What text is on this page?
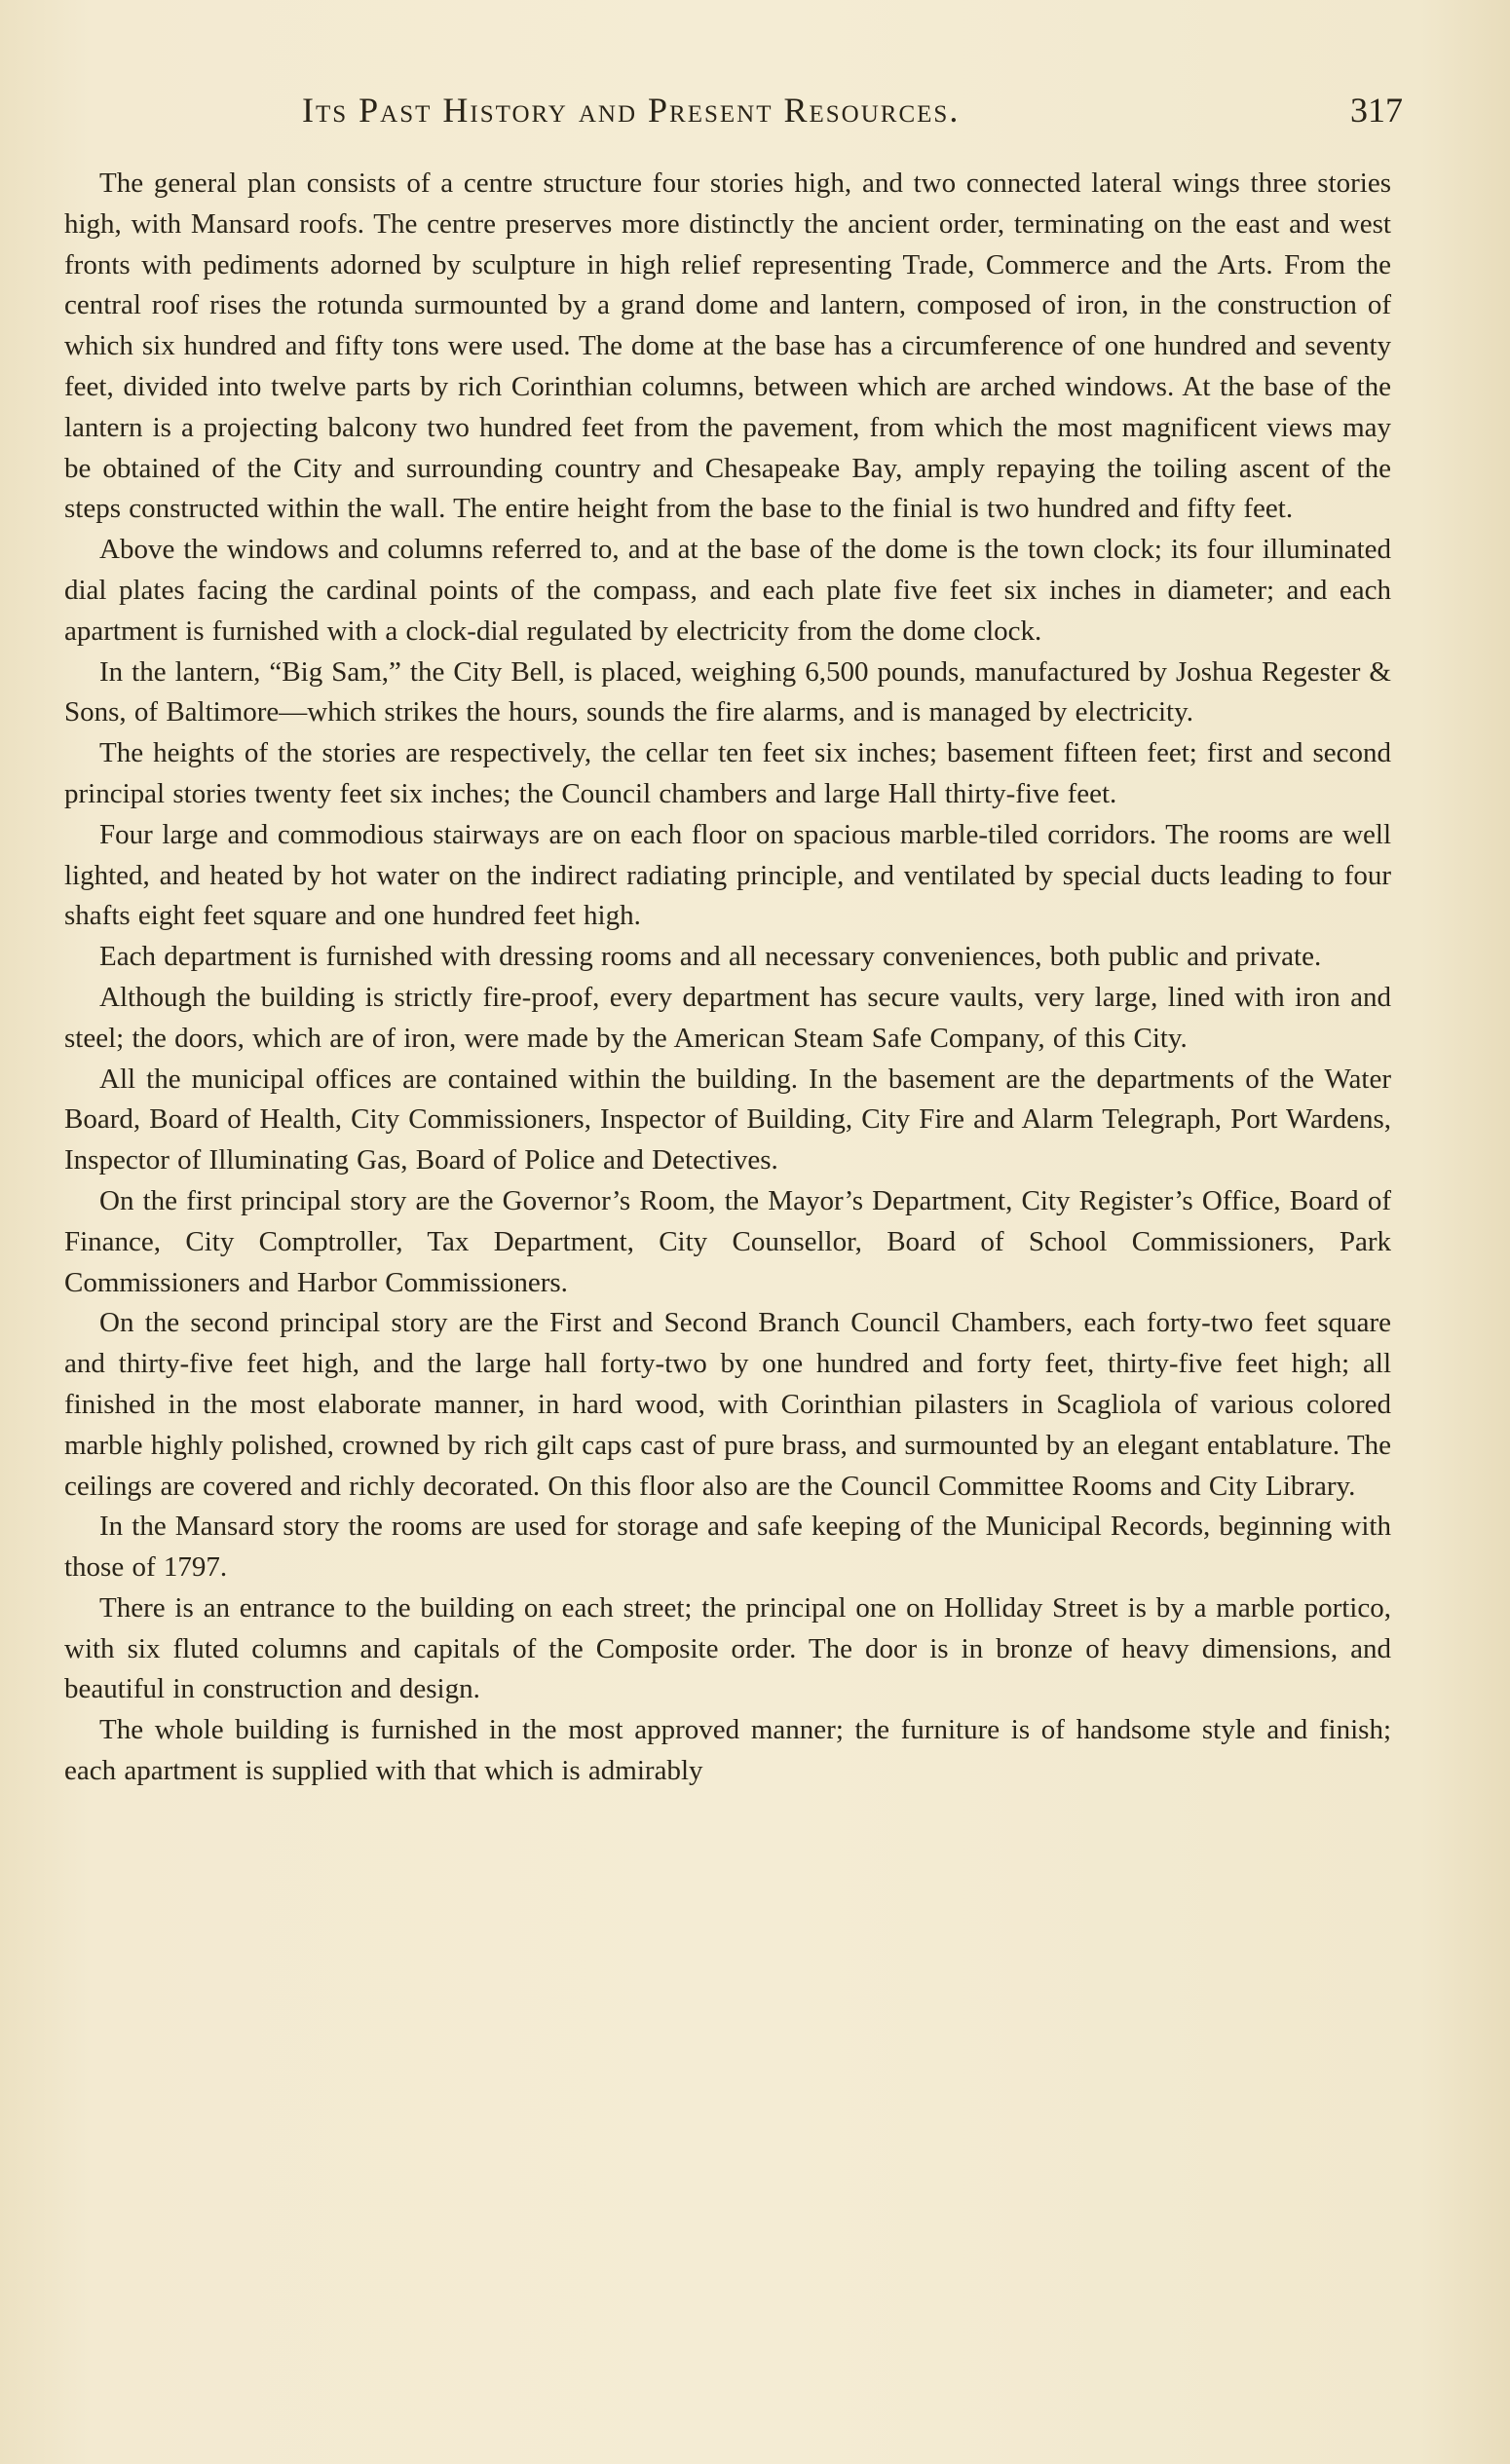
Its Past History and Present Resources.	317

The general plan consists of a centre structure four stories high, and two connected lateral wings three stories high, with Mansard roofs. The centre preserves more distinctly the ancient order, terminating on the east and west fronts with pediments adorned by sculpture in high relief representing Trade, Commerce and the Arts. From the central roof rises the rotunda surmounted by a grand dome and lantern, composed of iron, in the construction of which six hundred and fifty tons were used. The dome at the base has a circumference of one hundred and seventy feet, divided into twelve parts by rich Corinthian columns, between which are arched windows. At the base of the lantern is a projecting balcony two hundred feet from the pavement, from which the most magnificent views may be obtained of the City and surrounding country and Chesapeake Bay, amply repaying the toiling ascent of the steps constructed within the wall. The entire height from the base to the finial is two hundred and fifty feet.

Above the windows and columns referred to, and at the base of the dome is the town clock; its four illuminated dial plates facing the cardinal points of the compass, and each plate five feet six inches in diameter; and each apartment is furnished with a clock-dial regulated by electricity from the dome clock.

In the lantern, “Big Sam,” the City Bell, is placed, weighing 6,500 pounds, manufactured by Joshua Regester & Sons, of Baltimore—which strikes the hours, sounds the fire alarms, and is managed by electricity.

The heights of the stories are respectively, the cellar ten feet six inches; basement fifteen feet; first and second principal stories twenty feet six inches; the Council chambers and large Hall thirty-five feet.

Four large and commodious stairways are on each floor on spacious marble-tiled corridors. The rooms are well lighted, and heated by hot water on the indirect radiating principle, and ventilated by special ducts leading to four shafts eight feet square and one hundred feet high.

Each department is furnished with dressing rooms and all necessary conveniences, both public and private.

Although the building is strictly fire-proof, every department has secure vaults, very large, lined with iron and steel; the doors, which are of iron, were made by the American Steam Safe Company, of this City.

All the municipal offices are contained within the building. In the basement are the departments of the Water Board, Board of Health, City Commissioners, Inspector of Building, City Fire and Alarm Telegraph, Port Wardens, Inspector of Illuminating Gas, Board of Police and Detectives.

On the first principal story are the Governor’s Room, the Mayor’s Department, City Register’s Office, Board of Finance, City Comptroller, Tax Department, City Counsellor, Board of School Commissioners, Park Commissioners and Harbor Commissioners.

On the second principal story are the First and Second Branch Council Chambers, each forty-two feet square and thirty-five feet high, and the large hall forty-two by one hundred and forty feet, thirty-five feet high; all finished in the most elaborate manner, in hard wood, with Corinthian pilasters in Scagliola of various colored marble highly polished, crowned by rich gilt caps cast of pure brass, and surmounted by an elegant entablature. The ceilings are covered and richly decorated. On this floor also are the Council Committee Rooms and City Library.

In the Mansard story the rooms are used for storage and safe keeping of the Municipal Records, beginning with those of 1797.

There is an entrance to the building on each street; the principal one on Holliday Street is by a marble portico, with six fluted columns and capitals of the Composite order. The door is in bronze of heavy dimensions, and beautiful in construction and design.

The whole building is furnished in the most approved manner; the furniture is of handsome style and finish; each apartment is supplied with that which is admirably
